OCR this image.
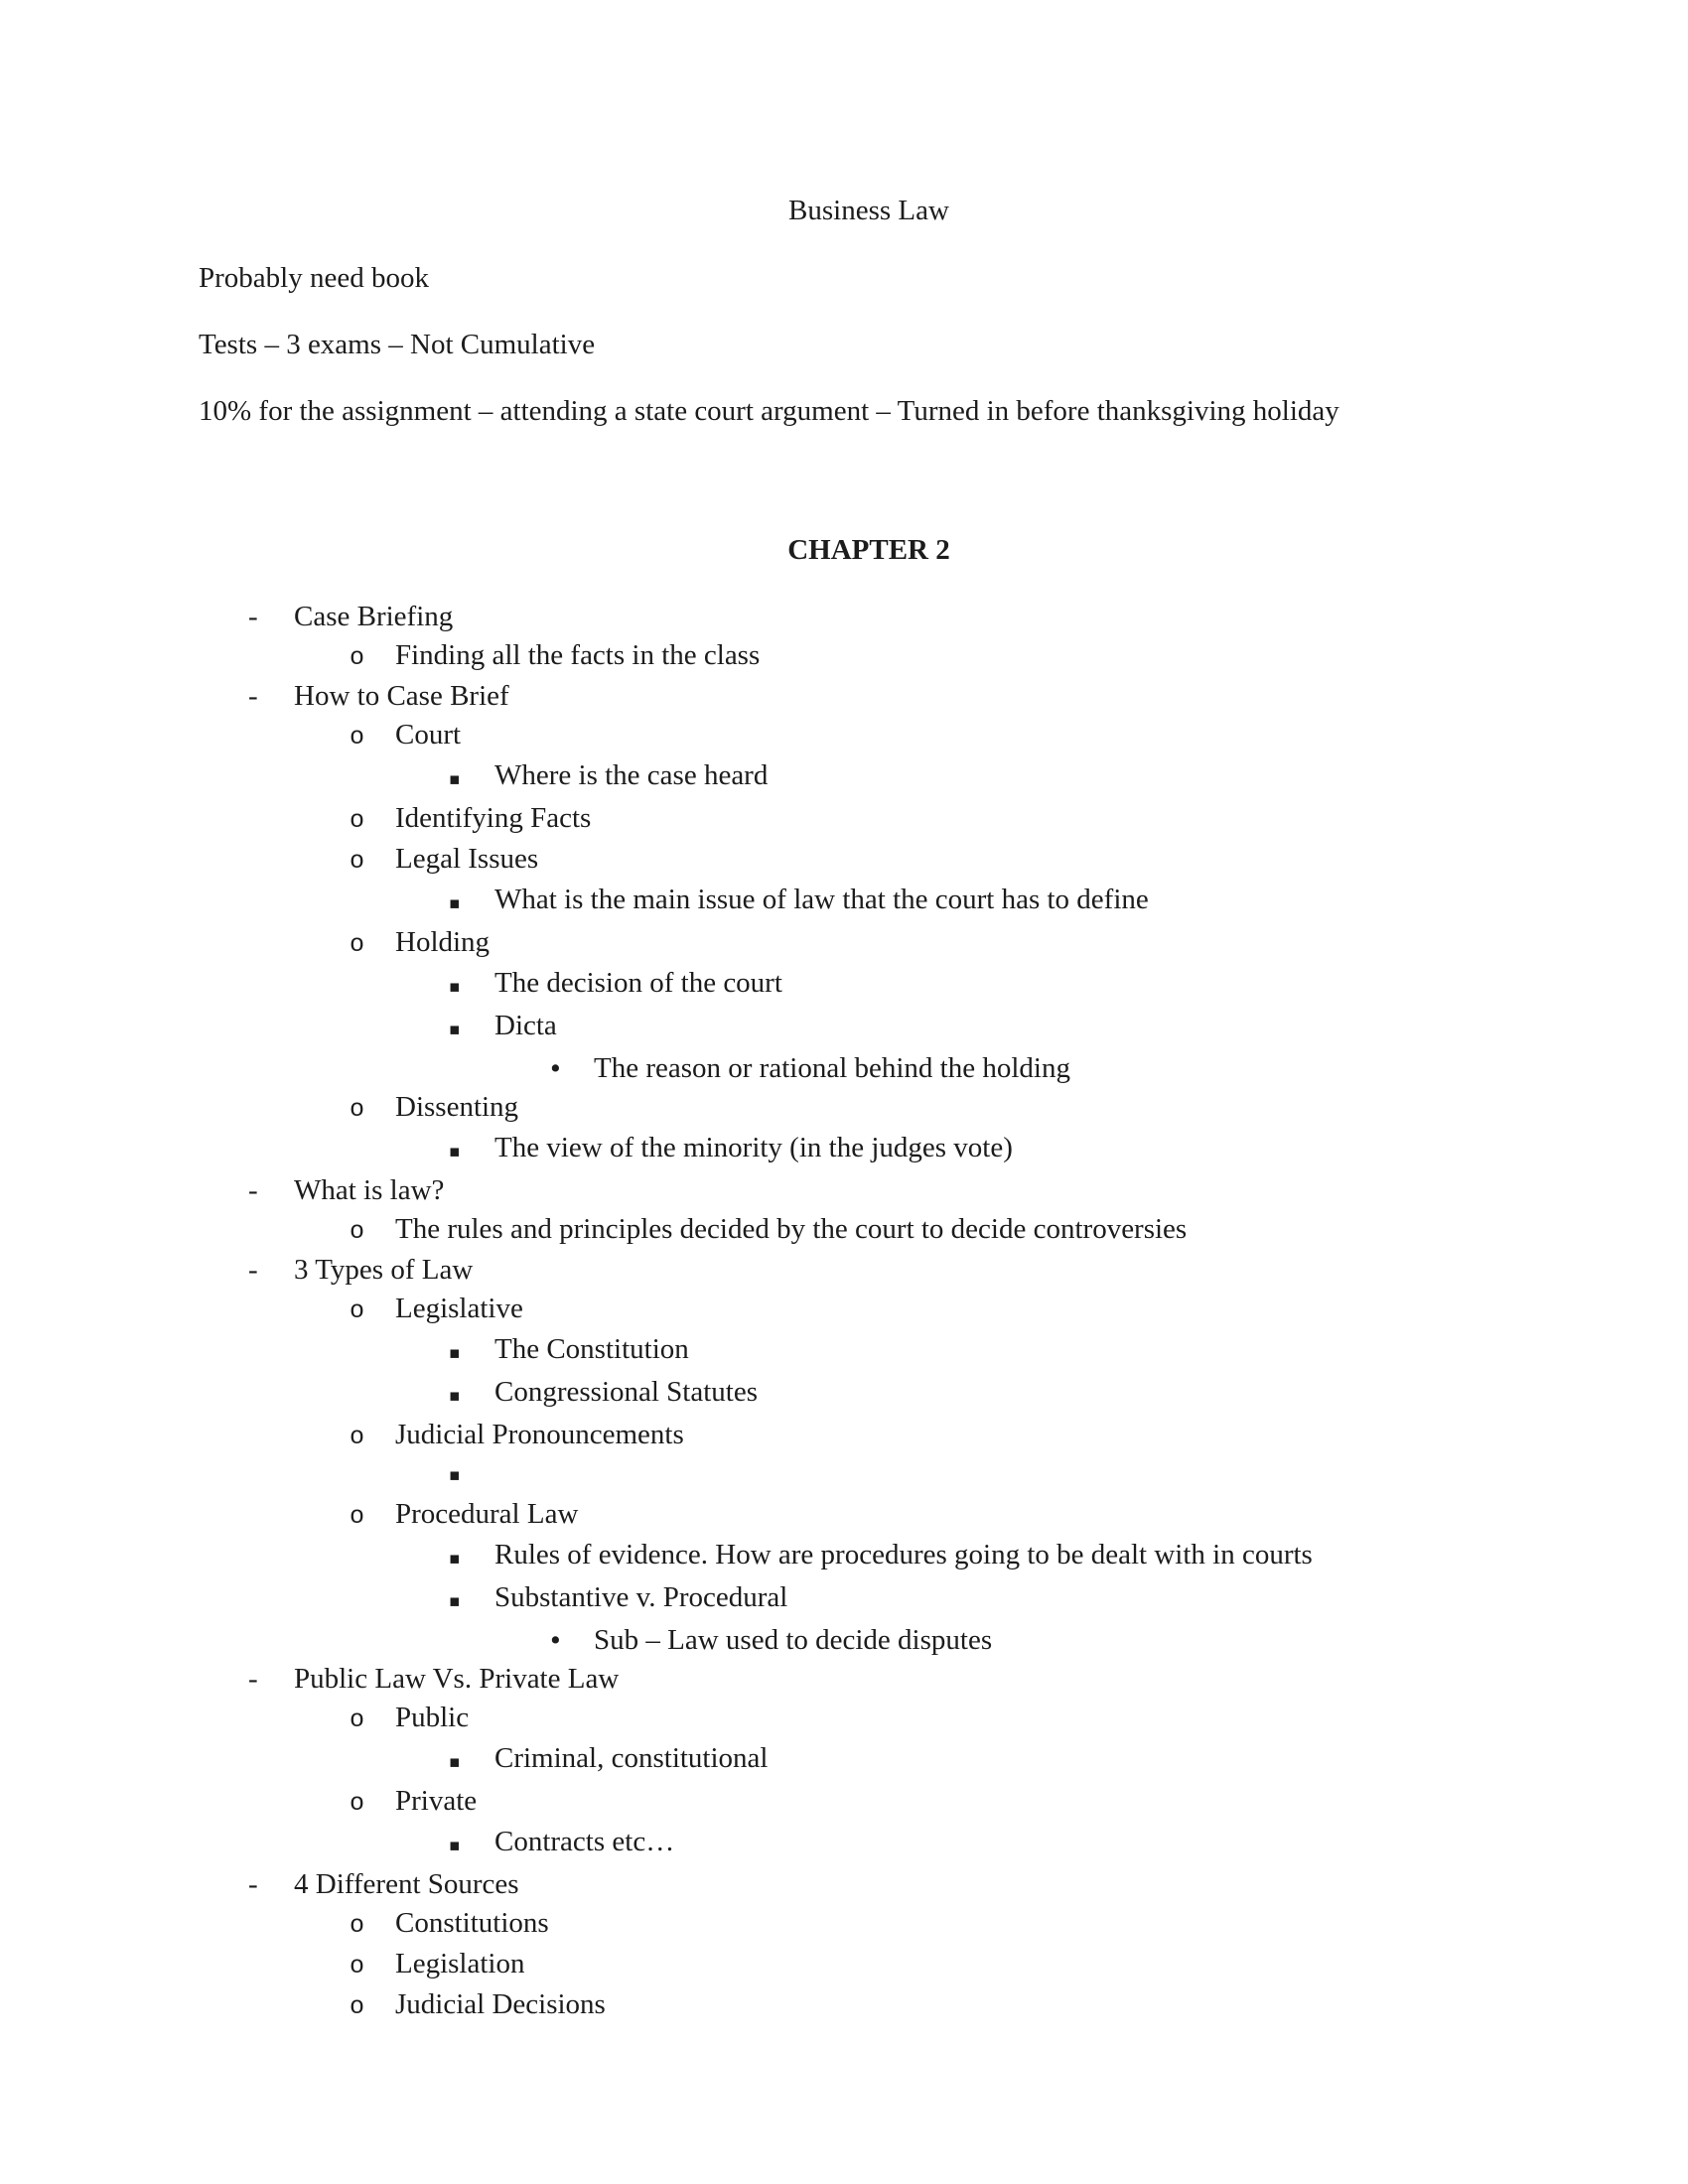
Business Law

Probably need book

Tests – 3 exams – Not Cumulative

10% for the assignment – attending a state court argument – Turned in before thanksgiving holiday

CHAPTER 2
-	Case Briefing
o	Finding all the facts in the class
-	How to Case Brief
o	Court
▪	Where is the case heard
o	Identifying Facts
o	Legal Issues
▪	What is the main issue of law that the court has to define
o	Holding
▪	The decision of the court
▪	Dicta
•	The reason or rational behind the holding
o	Dissenting
▪	The view of the minority (in the judges vote)
-	What is law?
o	The rules and principles decided by the court to decide controversies
-	3 Types of Law
o	Legislative
▪	The Constitution
▪	Congressional Statutes
o	Judicial Pronouncements
▪
o	Procedural Law
▪	Rules of evidence. How are procedures going to be dealt with in courts
▪	Substantive v. Procedural
•	Sub – Law used to decide disputes
-	Public Law Vs. Private Law
o	Public
▪	Criminal, constitutional
o	Private
▪	Contracts etc…
-	4 Different Sources
o	Constitutions
o	Legislation
o	Judicial Decisions
